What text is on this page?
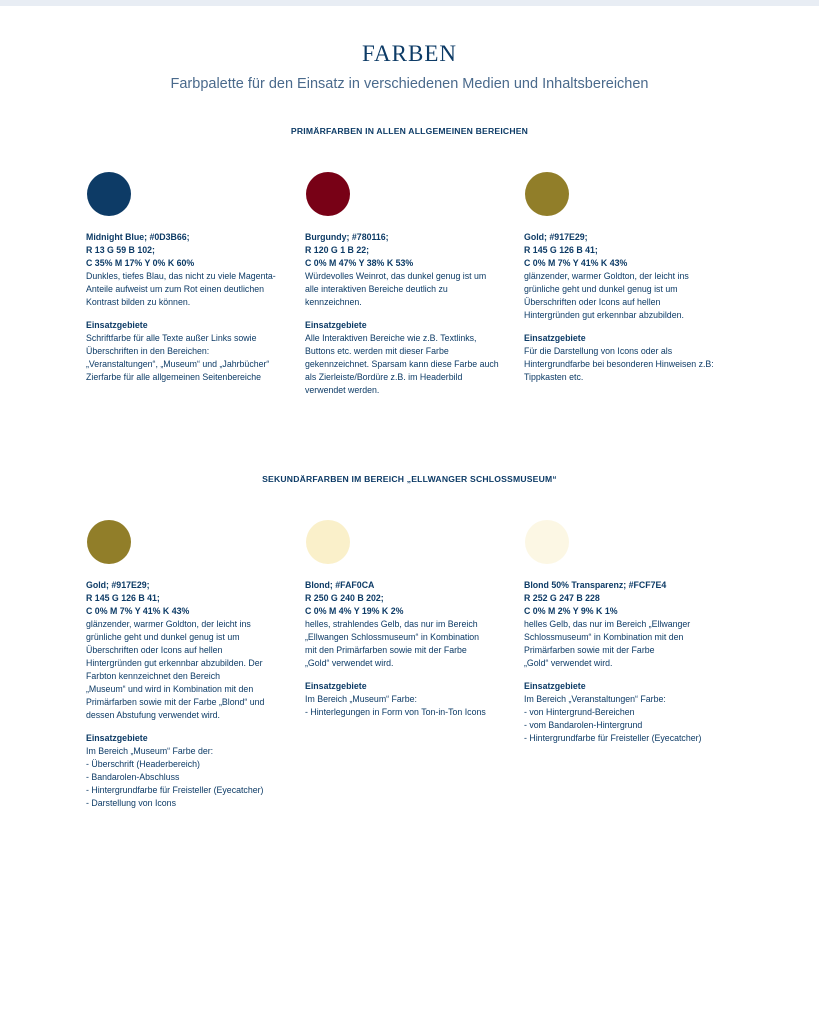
FARBEN
Farbpalette für den Einsatz in verschiedenen Medien und Inhaltsbereichen
PRIMÄRFARBEN IN ALLEN ALLGEMEINEN BEREICHEN
Midnight Blue; #0D3B66;
R 13 G 59 B 102;
C 35% M 17% Y 0% K 60%
Dunkles, tiefes Blau, das nicht zu viele Magenta-
Anteile aufweist um zum Rot einen deutlichen
Kontrast bilden zu können.
Einsatzgebiete
Schriftfarbe für alle Texte außer Links sowie
Überschriften in den Bereichen:
„Veranstaltungen“, „Museum“ und „Jahrbücher“
Zierfarbe für alle allgemeinen Seitenbereiche
Burgundy; #780116;
R 120 G 1 B 22;
C 0% M 47% Y 38% K 53%
Würdevolles Weinrot, das dunkel genug ist um
alle interaktiven Bereiche deutlich zu
kennzeichnen.
Einsatzgebiete
Alle Interaktiven Bereiche wie z.B. Textlinks,
Buttons etc. werden mit dieser Farbe
gekennzeichnet. Sparsam kann diese Farbe auch
als Zierleiste/Bordüre z.B. im Headerbild
verwendet werden.
Gold; #917E29;
R 145 G 126 B 41;
C 0% M 7% Y 41% K 43%
glänzender, warmer Goldton, der leicht ins
grünliche geht und dunkel genug ist um
Überschriften oder Icons auf hellen
Hintergründen gut erkennbar abzubilden.
Einsatzgebiete
Für die Darstellung von Icons oder als
Hintergrundfarbe bei besonderen Hinweisen z.B:
Tippkasten etc.
SEKUNDÄRFARBEN IM BEREICH „ELLWANGER SCHLOSSMUSEUM“
Gold; #917E29;
R 145 G 126 B 41;
C 0% M 7% Y 41% K 43%
glänzender, warmer Goldton, der leicht ins
grünliche geht und dunkel genug ist um
Überschriften oder Icons auf hellen
Hintergründen gut erkennbar abzubilden. Der
Farbton kennzeichnet den Bereich
„Museum“ und wird in Kombination mit den
Primärfarben sowie mit der Farbe „Blond“ und
dessen Abstufung verwendet wird.
Einsatzgebiete
Im Bereich „Museum“ Farbe der:
- Überschrift (Headerbereich)
- Bandarolen-Abschluss
- Hintergrundfarbe für Freisteller (Eyecatcher)
- Darstellung von Icons
Blond; #FAF0CA
R 250 G 240 B 202;
C 0% M 4% Y 19% K 2%
helles, strahlendes Gelb, das nur im Bereich
„Ellwangen Schlossmuseum“ in Kombination
mit den Primärfarben sowie mit der Farbe
„Gold“ verwendet wird.
Einsatzgebiete
Im Bereich „Museum“ Farbe:
- Hinterlegungen in Form von Ton-in-Ton Icons
Blond 50% Transparenz; #FCF7E4
R 252 G 247 B 228
C 0% M 2% Y 9% K 1%
helles Gelb, das nur im Bereich „Ellwanger
Schlossmuseum“ in Kombination mit den
Primärfarben sowie mit der Farbe
„Gold“ verwendet wird.
Einsatzgebiete
Im Bereich „Veranstaltungen“ Farbe:
- von Hintergrund-Bereichen
- vom Bandarolen-Hintergrund
- Hintergrundfarbe für Freisteller (Eyecatcher)
